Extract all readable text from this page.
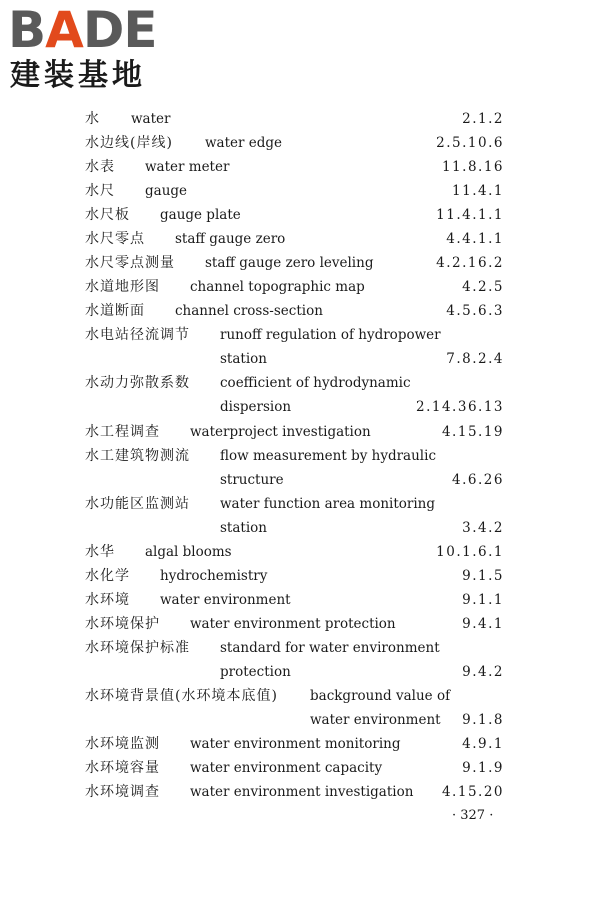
BADE
建装基地
水 water	2.1.2
水边线(岸线) water edge	2.5.10.6
水表 water meter	11.8.16
水尺 gauge	11.4.1
水尺板 gauge plate	11.4.1.1
水尺零点 staff gauge zero	4.4.1.1
水尺零点测量 staff gauge zero leveling	4.2.16.2
水道地形图 channel topographic map	4.2.5
水道断面 channel cross-section	4.5.6.3
水电站径流调节 runoff regulation of hydropower
station	7.8.2.4
水动力弥散系数 coefficient of hydrodynamic
dispersion	2.14.36.13
水工程调查 waterproject investigation	4.15.19
水工建筑物测流 flow measurement by hydraulic
structure	4.6.26
水功能区监测站 water function area monitoring
station	3.4.2
水华 algal blooms	10.1.6.1
水化学 hydrochemistry	9.1.5
水环境 water environment	9.1.1
水环境保护 water environment protection	9.4.1
水环境保护标准 standard for water environment
protection	9.4.2
水环境背景值(水环境本底值) background value of
water environment 9.1.8
水环境监测 water environment monitoring	4.9.1
水环境容量 water environment capacity	9.1.9
水环境调查 water environment investigation 4.15.20
· 327 ·
